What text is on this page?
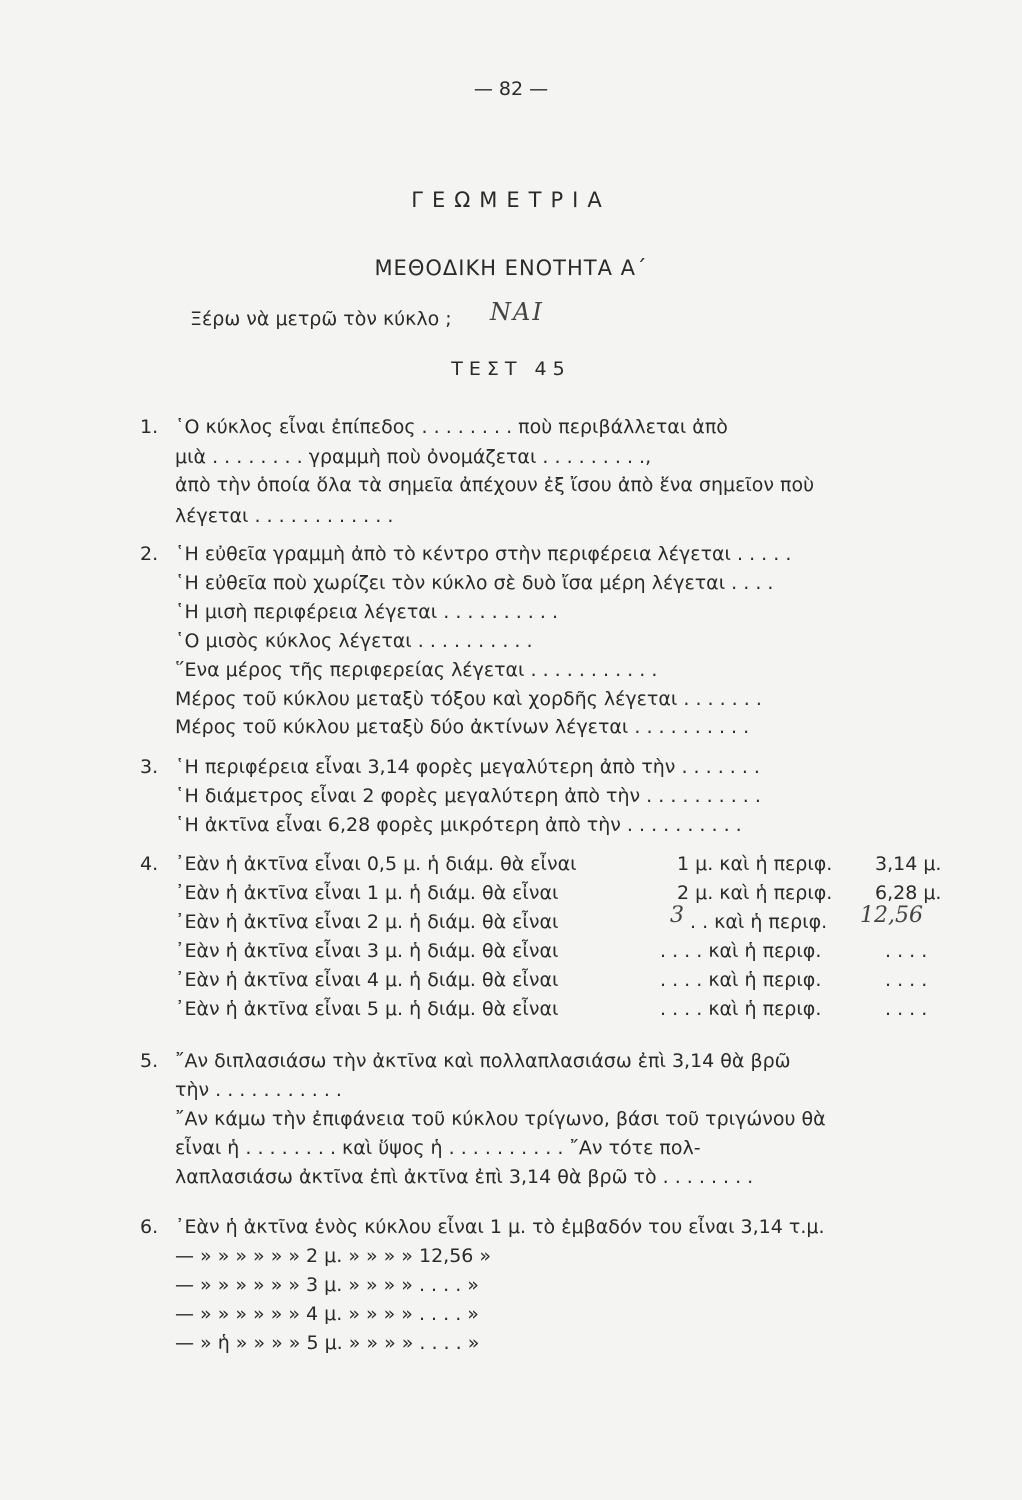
— 82 —
ΓΕΩΜΕΤΡΙΑ
ΜΕΘΟΔΙΚΗ ΕΝΟΤΗΤΑ Α΄
Ξέρω νὰ μετρῶ τὸν κύκλο ; ΝΑΙ
ΤΕΣΤ 45
1. ῾Ο κύκλος εἶναι ἐπίπεδος . . . . . . . . ποὺ περιβάλλεται ἀπὸ
μιὰ . . . . . . . . γραμμὴ ποὺ ὀνομάζεται . . . . . . . . .,
ἀπὸ τὴν ὁποία ὅλα τὰ σημεῖα ἀπέχουν ἐξ ἴσου ἀπὸ ἕνα σημεῖον ποὺ
λέγεται . . . . . . . . . . . .
2. ῾Η εὐθεῖα γραμμὴ ἀπὸ τὸ κέντρο στὴν περιφέρεια λέγεται . . . . .
῾Η εὐθεῖα ποὺ χωρίζει τὸν κύκλο σὲ δυὸ ἴσα μέρη λέγεται . . . .
῾Η μισὴ περιφέρεια λέγεται . . . . . . . . . .
῾Ο μισὸς κύκλος λέγεται . . . . . . . . . .
῞Ενα μέρος τῆς περιφερείας λέγεται . . . . . . . . . . .
Μέρος τοῦ κύκλου μεταξὺ τόξου καὶ χορδῆς λέγεται . . . . . . .
Μέρος τοῦ κύκλου μεταξὺ δύο ἀκτίνων λέγεται . . . . . . . . . .
3. ῾Η περιφέρεια εἶναι 3,14 φορὲς μεγαλύτερη ἀπὸ τὴν . . . . . . .
῾Η διάμετρος εἶναι 2 φορὲς μεγαλύτερη ἀπὸ τὴν . . . . . . . . . .
῾Η ἀκτῖνα εἶναι 6,28 φορὲς μικρότερη ἀπὸ τὴν . . . . . . . . . .
4. ᾽Εὰν ἡ ἀκτῖνα εἶναι 0,5 μ. ἡ διάμ. θὰ εἶναι	1 μ. καὶ ἡ περιφ. 3,14 μ.
᾽Εὰν ἡ ἀκτῖνα εἶναι 1 μ. ἡ διάμ. θὰ εἶναι	2 μ. καὶ ἡ περιφ. 6,28 μ.
᾽Εὰν ἡ ἀκτῖνα εἶναι 2 μ. ἡ διάμ. θὰ εἶναι	3 . . καὶ ἡ περιφ. 12,56
᾽Εὰν ἡ ἀκτῖνα εἶναι 3 μ. ἡ διάμ. θὰ εἶναι	. . . . καὶ ἡ περιφ.	. . . .
᾽Εὰν ἡ ἀκτῖνα εἶναι 4 μ. ἡ διάμ. θὰ εἶναι	. . . . καὶ ἡ περιφ.	. . . .
᾽Εὰν ἡ ἀκτῖνα εἶναι 5 μ. ἡ διάμ. θὰ εἶναι	. . . . καὶ ἡ περιφ.	. . . .
5. ῎Αν διπλασιάσω τὴν ἀκτῖνα καὶ πολλαπλασιάσω ἐπὶ 3,14 θὰ βρῶ
τὴν . . . . . . . . . . .
῎Αν κάμω τὴν ἐπιφάνεια τοῦ κύκλου τρίγωνο, βάσι τοῦ τριγώνου θὰ
εἶναι ἡ . . . . . . . . καὶ ὕψος ἡ . . . . . . . . . . ῎Αν τότε πολ-
λαπλασιάσω ἀκτῖνα ἐπὶ ἀκτῖνα ἐπὶ 3,14 θὰ βρῶ τὸ . . . . . . . .
6. ᾽Εὰν ἡ ἀκτῖνα ἑνὸς κύκλου εἶναι 1 μ. τὸ ἐμβαδόν του εἶναι 3,14 τ.μ.
— » » » » » » 2 μ. » » » » 12,56 »
— » » » » » » 3 μ. » » » » . . . . »
— » » » » » » 4 μ. » » » » . . . . »
— » ἡ » » » » 5 μ. » » » » . . . . »
